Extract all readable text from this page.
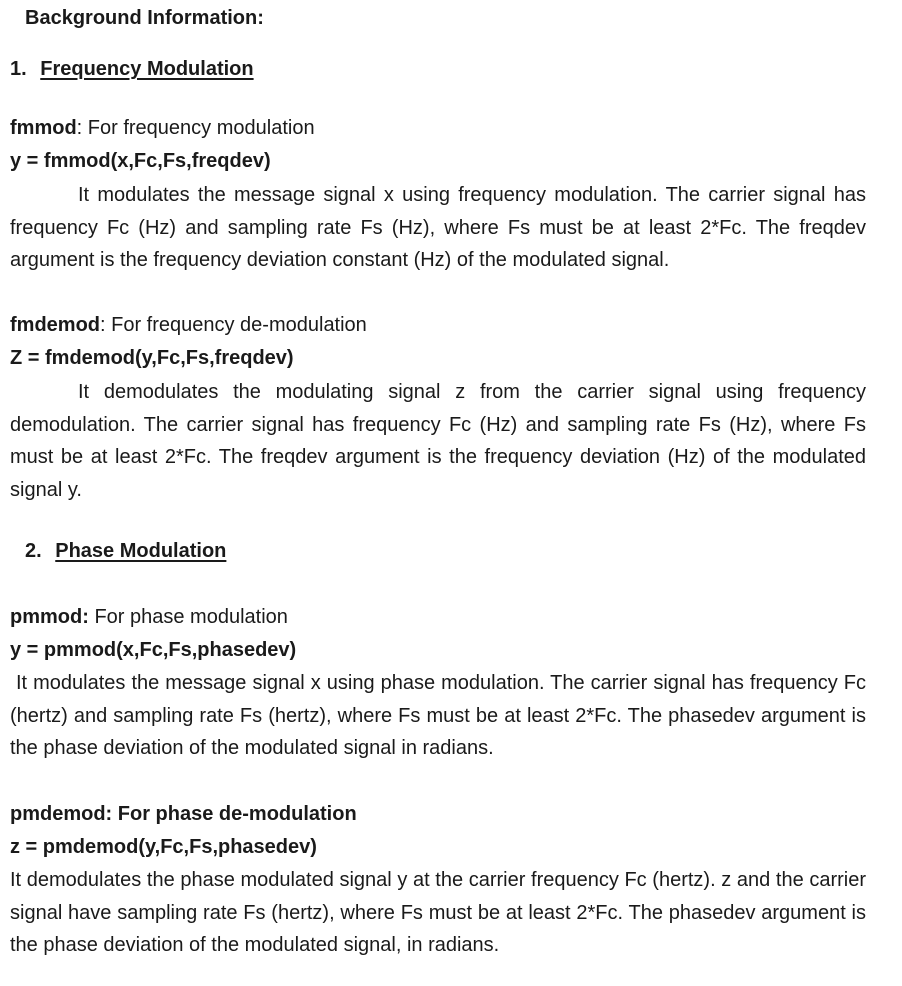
Background Information:
1. Frequency Modulation
fmmod: For frequency modulation
y = fmmod(x,Fc,Fs,freqdev)
It modulates the message signal x using frequency modulation. The carrier signal has frequency Fc (Hz) and sampling rate Fs (Hz), where Fs must be at least 2*Fc. The freqdev argument is the frequency deviation constant (Hz) of the modulated signal.
fmdemod: For frequency de-modulation
Z = fmdemod(y,Fc,Fs,freqdev)
It demodulates the modulating signal z from the carrier signal using frequency demodulation. The carrier signal has frequency Fc (Hz) and sampling rate Fs (Hz), where Fs must be at least 2*Fc. The freqdev argument is the frequency deviation (Hz) of the modulated signal y.
2. Phase Modulation
pmmod: For phase modulation
y = pmmod(x,Fc,Fs,phasedev)
It modulates the message signal x using phase modulation. The carrier signal has frequency Fc (hertz) and sampling rate Fs (hertz), where Fs must be at least 2*Fc. The phasedev argument is the phase deviation of the modulated signal in radians.
pmdemod: For phase de-modulation
z = pmdemod(y,Fc,Fs,phasedev)
It demodulates the phase modulated signal y at the carrier frequency Fc (hertz). z and the carrier signal have sampling rate Fs (hertz), where Fs must be at least 2*Fc. The phasedev argument is the phase deviation of the modulated signal, in radians.
